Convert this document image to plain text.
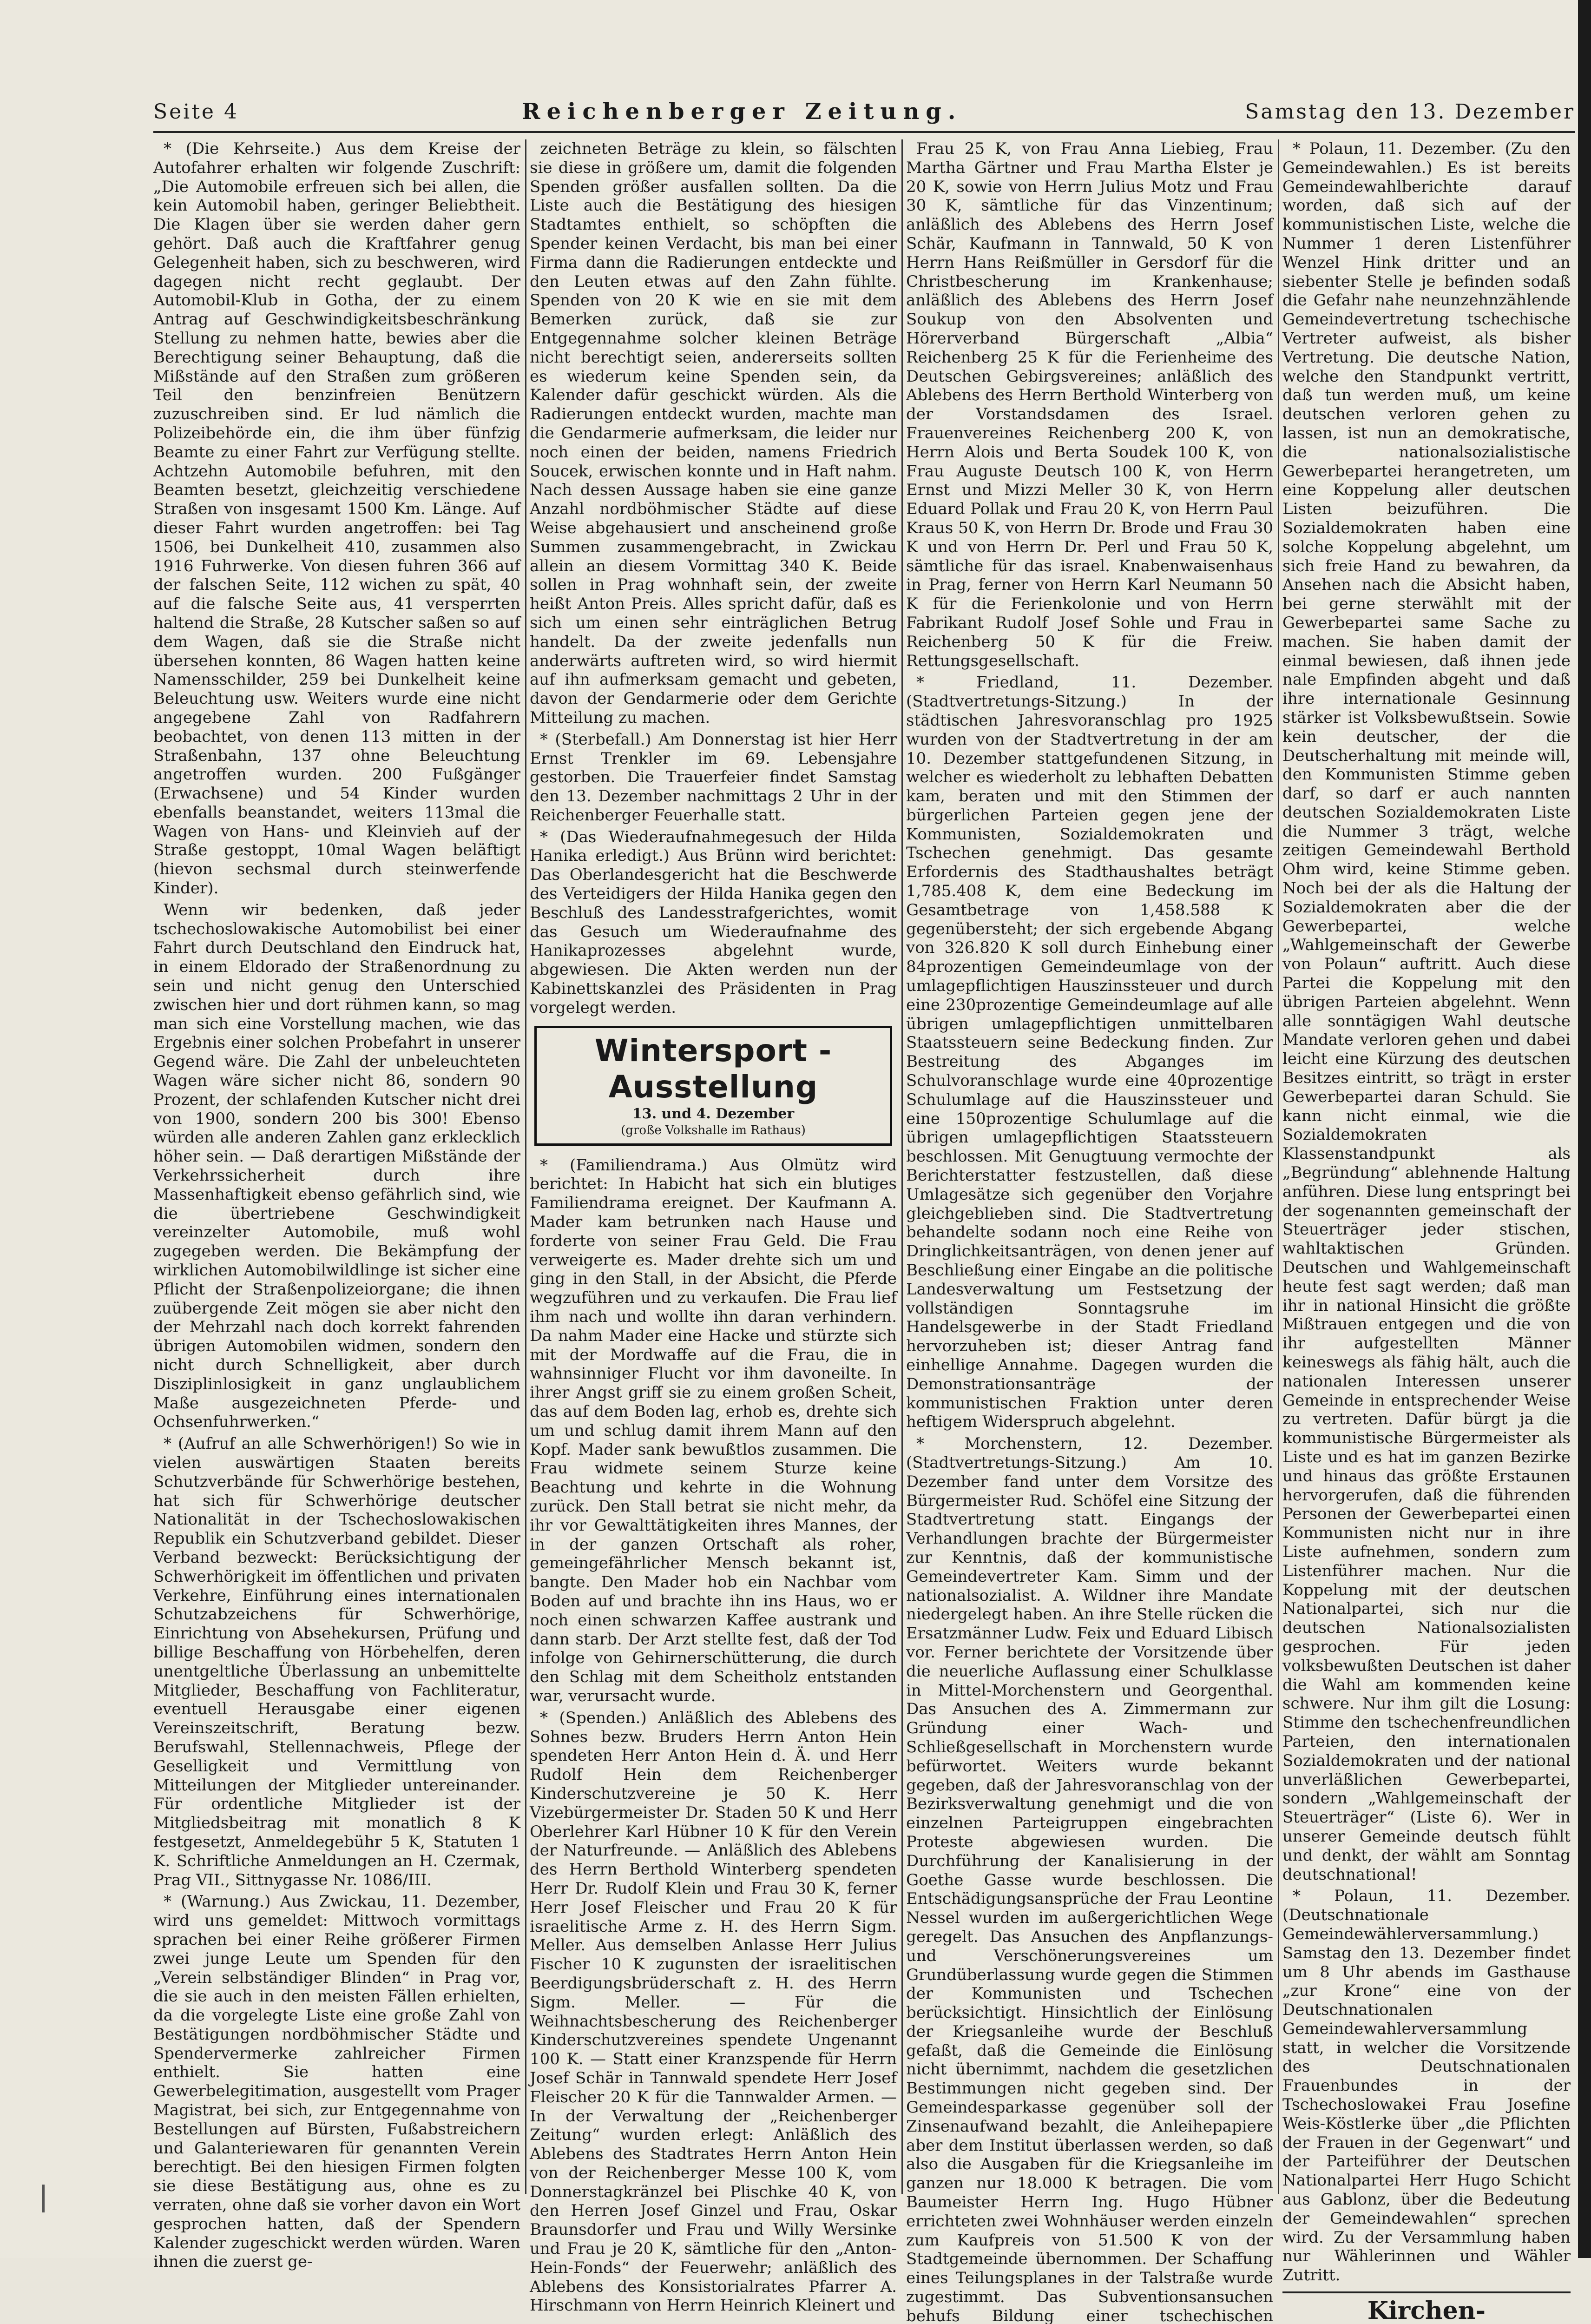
Seite 4	Reichenberger Zeitung.	Samstag den 13. Dezember

* (Die Kehrseite.) Aus dem Kreise der Autofahrer erhalten wir folgende Zuschrift: „Die Automobile erfreuen sich bei allen, die kein Automobil haben, geringer Beliebtheit. Die Klagen über sie werden daher gern gehört. Daß auch die Kraftfahrer genug Gelegenheit haben, sich zu beschweren, wird dagegen nicht recht geglaubt. Der Automobil-Klub in Gotha, der zu einem Antrag auf Geschwindigkeitsbeschränkung Stellung zu nehmen hatte, bewies aber die Berechtigung seiner Behauptung, daß die Mißstände auf den Straßen zum größeren Teil den benzinfreien Benützern zuzuschreiben sind. Er lud nämlich die Polizeibehörde ein, die ihm über fünfzig Beamte zu einer Fahrt zur Verfügung stellte. Achtzehn Automobile befuhren, mit den Beamten besetzt, gleichzeitig verschiedene Straßen von insgesamt 1500 Km. Länge. Auf dieser Fahrt wurden angetroffen: bei Tag 1506, bei Dunkelheit 410, zusammen also 1916 Fuhrwerke. Von diesen fuhren 366 auf der falschen Seite, 112 wichen zu spät, 40 auf die falsche Seite aus, 41 versperrten haltend die Straße, 28 Kutscher saßen so auf dem Wagen, daß sie die Straße nicht übersehen konnten, 86 Wagen hatten keine Namensschilder, 259 bei Dunkelheit keine Beleuchtung usw. Weiters wurde eine nicht angegebene Zahl von Radfahrern beobachtet, von denen 113 mitten in der Straßenbahn, 137 ohne Beleuchtung angetroffen wurden. 200 Fußgänger (Erwachsene) und 54 Kinder wurden ebenfalls beanstandet, weiters 113mal die Wagen von Hans- und Kleinvieh auf der Straße gestoppt, 10mal Wagen beläftigt (hievon sechsmal durch steinwerfende Kinder).

Wenn wir bedenken, daß jeder tschechoslowakische Automobilist bei einer Fahrt durch Deutschland den Eindruck hat, in einem Eldorado der Straßenordnung zu sein und nicht genug den Unterschied zwischen hier und dort rühmen kann, so mag man sich eine Vorstellung machen, wie das Ergebnis einer solchen Probefahrt in unserer Gegend wäre. Die Zahl der unbeleuchteten Wagen wäre sicher nicht 86, sondern 90 Prozent, der schlafenden Kutscher nicht drei von 1900, sondern 200 bis 300! Ebenso würden alle anderen Zahlen ganz erklecklich höher sein. — Daß derartigen Mißstände der Verkehrssicherheit durch ihre Massenhaftigkeit ebenso gefährlich sind, wie die übertriebene Geschwindigkeit vereinzelter Automobile, muß wohl zugegeben werden. Die Bekämpfung der wirklichen Automobilwildlinge ist sicher eine Pflicht der Straßenpolizeiorgane; die ihnen zuübergende Zeit mögen sie aber nicht den der Mehrzahl nach doch korrekt fahrenden übrigen Automobilen widmen, sondern den nicht durch Schnelligkeit, aber durch Disziplinlosigkeit in ganz unglaublichem Maße ausgezeichneten Pferde- und Ochsenfuhrwerken.“

* (Aufruf an alle Schwerhörigen!) So wie in vielen auswärtigen Staaten bereits Schutzverbände für Schwerhörige bestehen, hat sich für Schwerhörige deutscher Nationalität in der Tschechoslowakischen Republik ein Schutzverband gebildet. Dieser Verband bezweckt: Berücksichtigung der Schwerhörigkeit im öffentlichen und privaten Verkehre, Einführung eines internationalen Schutzabzeichens für Schwerhörige, Einrichtung von Absehekursen, Prüfung und billige Beschaffung von Hörbehelfen, deren unentgeltliche Überlassung an unbemittelte Mitglieder, Beschaffung von Fachliteratur, eventuell Herausgabe einer eigenen Vereinszeitschrift, Beratung bezw. Berufswahl, Stellennachweis, Pflege der Geselligkeit und Vermittlung von Mitteilungen der Mitglieder untereinander. Für ordentliche Mitglieder ist der Mitgliedsbeitrag mit monatlich 8 K festgesetzt, Anmeldegebühr 5 K, Statuten 1 K. Schriftliche Anmeldungen an H. Czermak, Prag VII., Sittnygasse Nr. 1086/III.

* (Warnung.) Aus Zwickau, 11. Dezember, wird uns gemeldet: Mittwoch vormittags sprachen bei einer Reihe größerer Firmen zwei junge Leute um Spenden für den „Verein selbständiger Blinden“ in Prag vor, die sie auch in den meisten Fällen erhielten, da die vorgelegte Liste eine große Zahl von Bestätigungen nordböhmischer Städte und Spendervermerke zahlreicher Firmen enthielt. Sie hatten eine Gewerbelegitimation, ausgestellt vom Prager Magistrat, bei sich, zur Entgegennahme von Bestellungen auf Bürsten, Fußabstreichern und Galanteriewaren für genannten Verein berechtigt. Bei den hiesigen Firmen folgten sie diese Bestätigung aus, ohne es zu verraten, ohne daß sie vorher davon ein Wort gesprochen hatten, daß der Spendern Kalender zugeschickt werden würden. Waren ihnen die zuerst ge-

zeichneten Beträge zu klein, so fälschten sie diese in größere um, damit die folgenden Spenden größer ausfallen sollten. Da die Liste auch die Bestätigung des hiesigen Stadtamtes enthielt, so schöpften die Spender keinen Verdacht, bis man bei einer Firma dann die Radierungen entdeckte und den Leuten etwas auf den Zahn fühlte. Spenden von 20 K wie en sie mit dem Bemerken zurück, daß sie zur Entgegennahme solcher kleinen Beträge nicht berechtigt seien, andererseits sollten es wiederum keine Spenden sein, da Kalender dafür geschickt würden. Als die Radierungen entdeckt wurden, machte man die Gendarmerie aufmerksam, die leider nur noch einen der beiden, namens Friedrich Soucek, erwischen konnte und in Haft nahm. Nach dessen Aussage haben sie eine ganze Anzahl nordböhmischer Städte auf diese Weise abgehausiert und anscheinend große Summen zusammengebracht, in Zwickau allein an diesem Vormittag 340 K. Beide sollen in Prag wohnhaft sein, der zweite heißt Anton Preis. Alles spricht dafür, daß es sich um einen sehr einträglichen Betrug handelt. Da der zweite jedenfalls nun anderwärts auftreten wird, so wird hiermit auf ihn aufmerksam gemacht und gebeten, davon der Gendarmerie oder dem Gerichte Mitteilung zu machen.

* (Sterbefall.) Am Donnerstag ist hier Herr Ernst Trenkler im 69. Lebensjahre gestorben. Die Trauerfeier findet Samstag den 13. Dezember nachmittags 2 Uhr in der Reichenberger Feuerhalle statt.

* (Das Wiederaufnahmegesuch der Hilda Hanika erledigt.) Aus Brünn wird berichtet: Das Oberlandesgericht hat die Beschwerde des Verteidigers der Hilda Hanika gegen den Beschluß des Landesstrafgerichtes, womit das Gesuch um Wiederaufnahme des Hanikaprozesses abgelehnt wurde, abgewiesen. Die Akten werden nun der Kabinettskanzlei des Präsidenten in Prag vorgelegt werden.

Wintersport - Ausstellung
13. und 4. Dezember
(große Volkshalle im Rathaus)

* (Familiendrama.) Aus Olmütz wird berichtet: In Habicht hat sich ein blutiges Familiendrama ereignet. Der Kaufmann A. Mader kam betrunken nach Hause und forderte von seiner Frau Geld. Die Frau verweigerte es. Mader drehte sich um und ging in den Stall, in der Absicht, die Pferde wegzuführen und zu verkaufen. Die Frau lief ihm nach und wollte ihn daran verhindern. Da nahm Mader eine Hacke und stürzte sich mit der Mordwaffe auf die Frau, die in wahnsinniger Flucht vor ihm davoneilte. In ihrer Angst griff sie zu einem großen Scheit, das auf dem Boden lag, erhob es, drehte sich um und schlug damit ihrem Mann auf den Kopf. Mader sank bewußtlos zusammen. Die Frau widmete seinem Sturze keine Beachtung und kehrte in die Wohnung zurück. Den Stall betrat sie nicht mehr, da ihr vor Gewalttätigkeiten ihres Mannes, der in der ganzen Ortschaft als roher, gemeingefährlicher Mensch bekannt ist, bangte. Den Mader hob ein Nachbar vom Boden auf und brachte ihn ins Haus, wo er noch einen schwarzen Kaffee austrank und dann starb. Der Arzt stellte fest, daß der Tod infolge von Gehirnerschütterung, die durch den Schlag mit dem Scheitholz entstanden war, verursacht wurde.

* (Spenden.) Anläßlich des Ablebens des Sohnes bezw. Bruders Herrn Anton Hein spendeten Herr Anton Hein d. Ä. und Herr Rudolf Hein dem Reichenberger Kinderschutzvereine je 50 K. Herr Vizebürgermeister Dr. Staden 50 K und Herr Oberlehrer Karl Hübner 10 K für den Verein der Naturfreunde. — Anläßlich des Ablebens des Herrn Berthold Winterberg spendeten Herr Dr. Rudolf Klein und Frau 30 K, ferner Herr Josef Fleischer und Frau 20 K für israelitische Arme z. H. des Herrn Sigm. Meller. Aus demselben Anlasse Herr Julius Fischer 10 K zugunsten der israelitischen Beerdigungsbrüderschaft z. H. des Herrn Sigm. Meller. — Für die Weihnachtsbescherung des Reichenberger Kinderschutzvereines spendete Ungenannt 100 K. — Statt einer Kranzspende für Herrn Josef Schär in Tannwald spendete Herr Josef Fleischer 20 K für die Tannwalder Armen. — In der Verwaltung der „Reichenberger Zeitung“ wurden erlegt: Anläßlich des Ablebens des Stadtrates Herrn Anton Hein von der Reichenberger Messe 100 K, vom Donnerstagkränzel bei Plischke 40 K, von den Herren Josef Ginzel und Frau, Oskar Braunsdorfer und Frau und Willy Wersinke und Frau je 20 K, sämtliche für den „Anton-Hein-Fonds“ der Feuerwehr; anläßlich des Ablebens des Konsistorialrates Pfarrer A. Hirschmann von Herrn Heinrich Kleinert und

Frau 25 K, von Frau Anna Liebieg, Frau Martha Gärtner und Frau Martha Elster je 20 K, sowie von Herrn Julius Motz und Frau 30 K, sämtliche für das Vinzentinum; anläßlich des Ablebens des Herrn Josef Schär, Kaufmann in Tannwald, 50 K von Herrn Hans Reißmüller in Gersdorf für die Christbescherung im Krankenhause; anläßlich des Ablebens des Herrn Josef Soukup von den Absolventen und Hörerverband Bürgerschaft „Albia“ Reichenberg 25 K für die Ferienheime des Deutschen Gebirgsvereines; anläßlich des Ablebens des Herrn Berthold Winterberg von der Vorstandsdamen des Israel. Frauenvereines Reichenberg 200 K, von Herrn Alois und Berta Soudek 100 K, von Frau Auguste Deutsch 100 K, von Herrn Ernst und Mizzi Meller 30 K, von Herrn Eduard Pollak und Frau 20 K, von Herrn Paul Kraus 50 K, von Herrn Dr. Brode und Frau 30 K und von Herrn Dr. Perl und Frau 50 K, sämtliche für das israel. Knabenwaisenhaus in Prag, ferner von Herrn Karl Neumann 50 K für die Ferienkolonie und von Herrn Fabrikant Rudolf Josef Sohle und Frau in Reichenberg 50 K für die Freiw. Rettungsgesellschaft.

* Friedland, 11. Dezember. (Stadtvertretungs-Sitzung.) In der städtischen Jahresvoranschlag pro 1925 wurden von der Stadtvertretung in der am 10. Dezember stattgefundenen Sitzung, in welcher es wiederholt zu lebhaften Debatten kam, beraten und mit den Stimmen der bürgerlichen Parteien gegen jene der Kommunisten, Sozialdemokraten und Tschechen genehmigt. Das gesamte Erfordernis des Stadthaushaltes beträgt 1,785.408 K, dem eine Bedeckung im Gesamtbetrage von 1,458.588 K gegenübersteht; der sich ergebende Abgang von 326.820 K soll durch Einhebung einer 84prozentigen Gemeindeumlage von der umlagepflichtigen Hauszinssteuer und durch eine 230prozentige Gemeindeumlage auf alle übrigen umlagepflichtigen unmittelbaren Staatssteuern seine Bedeckung finden. Zur Bestreitung des Abganges im Schulvoranschlage wurde eine 40prozentige Schulumlage auf die Hauszinssteuer und eine 150prozentige Schulumlage auf die übrigen umlagepflichtigen Staatssteuern beschlossen. Mit Genugtuung vermochte der Berichterstatter festzustellen, daß diese Umlagesätze sich gegenüber den Vorjahre gleichgeblieben sind. Die Stadtvertretung behandelte sodann noch eine Reihe von Dringlichkeitsanträgen, von denen jener auf Beschließung einer Eingabe an die politische Landesverwaltung um Festsetzung der vollständigen Sonntagsruhe im Handelsgewerbe in der Stadt Friedland hervorzuheben ist; dieser Antrag fand einhellige Annahme. Dagegen wurden die Demonstrationsanträge der kommunistischen Fraktion unter deren heftigem Widerspruch abgelehnt.

* Morchenstern, 12. Dezember. (Stadtvertretungs-Sitzung.) Am 10. Dezember fand unter dem Vorsitze des Bürgermeister Rud. Schöfel eine Sitzung der Stadtvertretung statt. Eingangs der Verhandlungen brachte der Bürgermeister zur Kenntnis, daß der kommunistische Gemeindevertreter Kam. Simm und der nationalsozialist. A. Wildner ihre Mandate niedergelegt haben. An ihre Stelle rücken die Ersatzmänner Ludw. Feix und Eduard Libisch vor. Ferner berichtete der Vorsitzende über die neuerliche Auflassung einer Schulklasse in Mittel-Morchenstern und Georgenthal. Das Ansuchen des A. Zimmermann zur Gründung einer Wach- und Schließgesellschaft in Morchenstern wurde befürwortet. Weiters wurde bekannt gegeben, daß der Jahresvoranschlag von der Bezirksverwaltung genehmigt und die von einzelnen Parteigruppen eingebrachten Proteste abgewiesen wurden. Die Durchführung der Kanalisierung in der Goethe Gasse wurde beschlossen. Die Entschädigungsansprüche der Frau Leontine Nessel wurden im außergerichtlichen Wege geregelt. Das Ansuchen des Anpflanzungs- und Verschönerungsvereines um Grundüberlassung wurde gegen die Stimmen der Kommunisten und Tschechen berücksichtigt. Hinsichtlich der Einlösung der Kriegsanleihe wurde der Beschluß gefaßt, daß die Gemeinde die Einlösung nicht übernimmt, nachdem die gesetzlichen Bestimmungen nicht gegeben sind. Der Gemeindesparkasse gegenüber soll der Zinsenaufwand bezahlt, die Anleihepapiere aber dem Institut überlassen werden, so daß also die Ausgaben für die Kriegsanleihe im ganzen nur 18.000 K betragen. Die vom Baumeister Herrn Ing. Hugo Hübner errichteten zwei Wohnhäuser werden einzeln zum Kaufpreis von 51.500 K von der Stadtgemeinde übernommen. Der Schaffung eines Teilungsplanes in der Talstraße wurde zugestimmt. Das Subventionsansuchen behufs Bildung einer tschechischen

* Polaun, 11. Dezember. (Zu den Gemeindewahlen.) Es ist bereits Gemeindewahlberichte darauf worden, daß sich auf der kommunistischen Liste, welche die Nummer 1 deren Listenführer Wenzel Hink dritter und an siebenter Stelle je befinden sodaß die Gefahr nahe neunzehnzählende Gemeindevertretung tschechische Vertreter aufweist, als bisher Vertretung. Die deutsche Nation, welche den Standpunkt vertritt, daß tun werden muß, um keine deutschen verloren gehen zu lassen, ist nun an demokratische, die nationalsozialistische Gewerbepartei herangetreten, um eine Koppelung aller deutschen Listen beizuführen. Die Sozialdemokraten haben eine solche Koppelung abgelehnt, um sich freie Hand zu bewahren, da Ansehen nach die Absicht haben, bei gerne sterwählt mit der Gewerbepartei same Sache zu machen. Sie haben damit der einmal bewiesen, daß ihnen jede nale Empfinden abgeht und daß ihre internationale Gesinnung stärker ist Volksbewußtsein. Sowie kein deutscher, der die Deutscherhaltung mit meinde will, den Kommunisten Stimme geben darf, so darf er auch nannten deutschen Sozialdemokraten Liste die Nummer 3 trägt, welche zeitigen Gemeindewahl Berthold Ohm wird, keine Stimme geben. Noch bei der als die Haltung der Sozialdemokraten aber die der Gewerbepartei, welche „Wahlgemeinschaft der Gewerbe von Polaun“ auftritt. Auch diese Partei die Koppelung mit den übrigen Parteien abgelehnt. Wenn alle sonntägigen Wahl deutsche Mandate verloren gehen und dabei leicht eine Kürzung des deutschen Besitzes eintritt, so trägt in erster Gewerbepartei daran Schuld. Sie kann nicht einmal, wie die Sozialdemokraten Klassenstandpunkt als „Begründung“ ablehnende Haltung anführen. Diese lung entspringt bei der sogenannten gemeinschaft der Steuerträger jeder stischen, wahltaktischen Gründen. Deutschen und Wahlgemeinschaft heute fest sagt werden; daß man ihr in national Hinsicht die größte Mißtrauen entgegen und die von ihr aufgestellten Männer keineswegs als fähig hält, auch die nationalen Interessen unserer Gemeinde in entsprechender Weise zu vertreten. Dafür bürgt ja die kommunistische Bürgermeister als Liste und es hat im ganzen Bezirke und hinaus das größte Erstaunen hervorgerufen, daß die führenden Personen der Gewerbepartei einen Kommunisten nicht nur in ihre Liste aufnehmen, sondern zum Listenführer machen. Nur die Koppelung mit der deutschen Nationalpartei, sich nur die deutschen Nationalsozialisten gesprochen. Für jeden volksbewußten Deutschen ist daher die Wahl am kommenden keine schwere. Nur ihm gilt die Losung: Stimme den tschechenfreundlichen Parteien, den internationalen Sozialdemokraten und der national unverläßlichen Gewerbepartei, sondern „Wahlgemeinschaft der Steuerträger“ (Liste 6). Wer in unserer Gemeinde deutsch fühlt und denkt, der wählt am Sonntag deutschnational!

* Polaun, 11. Dezember. (Deutschnationale Gemeindewählerversammlung.) Samstag den 13. Dezember findet um 8 Uhr abends im Gasthause „zur Krone“ eine von der Deutschnationalen Gemeindewahlerversammlung statt, in welcher die Vorsitzende des Deutschnationalen Frauenbundes in der Tschechoslowakei Frau Josefine Weis-Köstlerke über „die Pflichten der Frauen in der Gegenwart“ und der Parteiführer der Deutschen Nationalpartei Herr Hugo Schicht aus Gablonz, über die Bedeutung der Gemeindewahlen“ sprechen wird. Zu der Versammlung haben nur Wählerinnen und Wähler Zutritt.

Kirchen-
